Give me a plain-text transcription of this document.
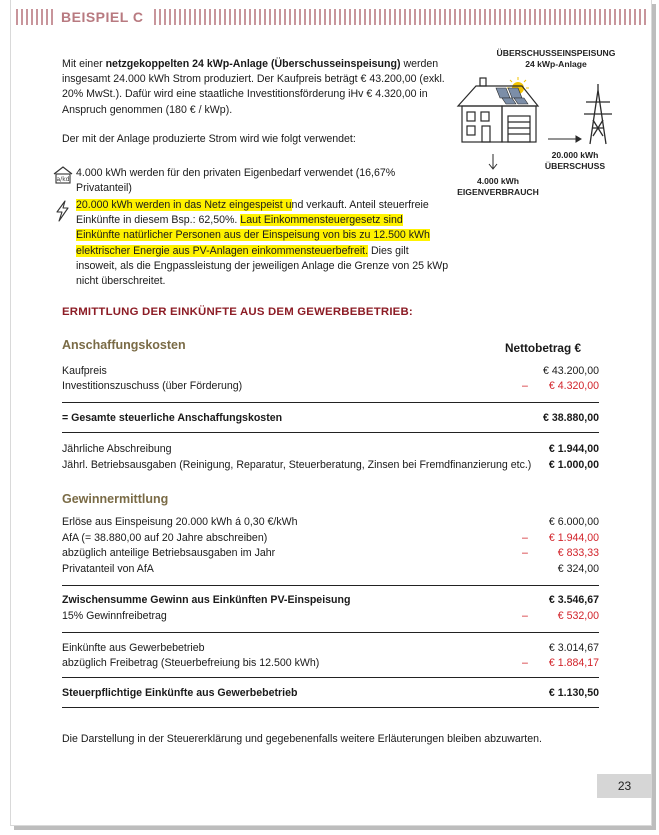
BEISPIEL C

Mit einer netzgekoppelten 24 kWp-Anlage (Überschusseinspeisung) werden insgesamt 24.000 kWh Strom produziert. Der Kaufpreis beträgt € 43.200,00 (exkl. 20% MwSt.). Dafür wird eine staatliche Investitionsförderung iHv € 4.320,00 in Anspruch genommen (180 € / kWp).

Der mit der Anlage produzierte Strom wird wie folgt verwendet:

a/kd
4.000 kWh werden für den privaten Eigenbedarf verwendet (16,67% Privatanteil)
20.000 kWh werden in das Netz eingespeist und verkauft. Anteil steuerfreie Einkünfte in diesem Bsp.: 62,50%. Laut Einkommensteuergesetz sind Einkünfte natürlicher Personen aus der Einspeisung von bis zu 12.500 kWh elektrischer Energie aus PV-Anlagen einkommensteuerbefreit. Dies gilt insoweit, als die Engpassleistung der jeweiligen Anlage die Grenze von 25 kWp nicht überschreitet.
ÜBERSCHUSSEINSPEISUNG
24 kWp-Anlage
20.000 kWh
ÜBERSCHUSS
4.000 kWh
EIGENVERBRAUCH
ERMITTLUNG DER EINKÜNFTE AUS DEM GEWERBEBETRIEB:
Anschaffungskosten	Nettobetrag €
Kaufpreis	€ 43.200,00
Investitionszuschuss (über Förderung)	– € 4.320,00
= Gesamte steuerliche Anschaffungskosten	€ 38.880,00
Jährliche Abschreibung	€ 1.944,00
Jährl. Betriebsausgaben (Reinigung, Reparatur, Steuerberatung, Zinsen bei Fremdfinanzierung etc.) € 1.000,00
Gewinnermittlung
Erlöse aus Einspeisung 20.000 kWh á 0,30 €/kWh	€ 6.000,00
AfA (= 38.880,00 auf 20 Jahre abschreiben)	– € 1.944,00
abzüglich anteilige Betriebsausgaben im Jahr	–	€ 833,33
Privatanteil von AfA	€ 324,00
Zwischensumme Gewinn aus Einkünften PV-Einspeisung	€ 3.546,67
15% Gewinnfreibetrag	–	€ 532,00
Einkünfte aus Gewerbebetrieb	€ 3.014,67
abzüglich Freibetrag (Steuerbefreiung bis 12.500 kWh)	– € 1.884,17
Steuerpflichtige Einkünfte aus Gewerbebetrieb	€ 1.130,50
Die Darstellung in der Steuererklärung und gegebenenfalls weitere Erläuterungen bleiben abzuwarten.
23
